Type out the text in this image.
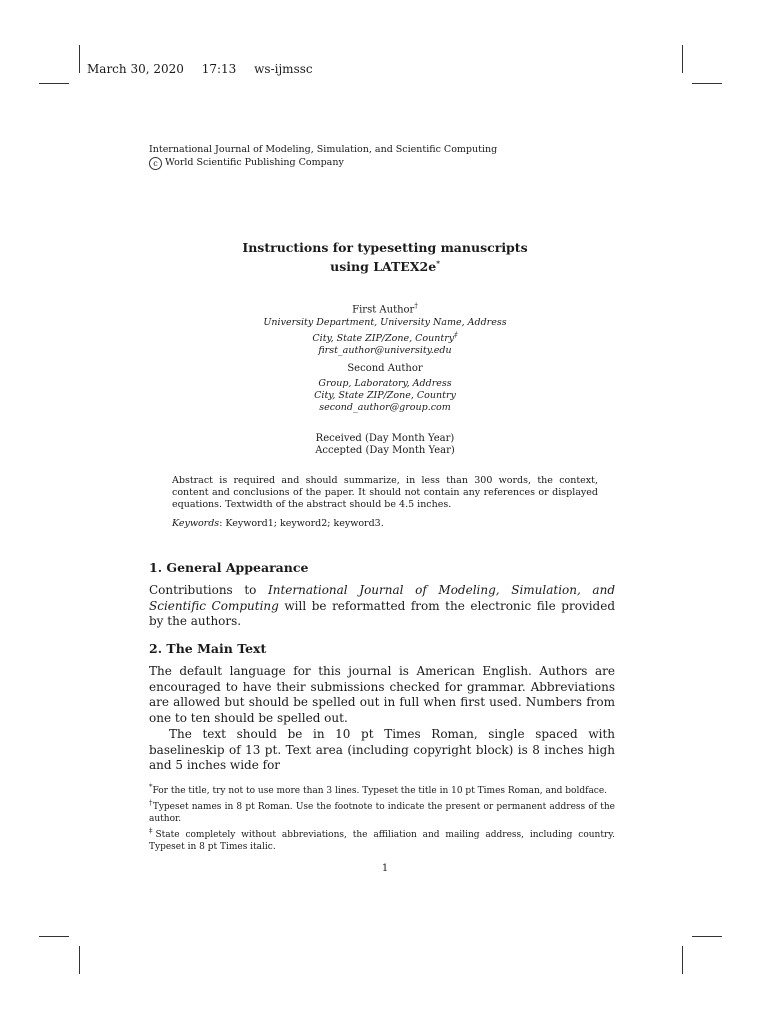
March 30, 2020 17:13 ws-ijmssc
International Journal of Modeling, Simulation, and Scientific Computing
c World Scientific Publishing Company
Instructions for typesetting manuscripts
using LATEX2e*
First Author†
University Department, University Name, Address
City, State ZIP/Zone, Country‡
first_author@university.edu
Second Author
Group, Laboratory, Address
City, State ZIP/Zone, Country
second_author@group.com
Received (Day Month Year)
Accepted (Day Month Year)
Abstract is required and should summarize, in less than 300 words, the context, content and conclusions of the paper. It should not contain any references or displayed equations. Textwidth of the abstract should be 4.5 inches.
Keywords: Keyword1; keyword2; keyword3.
1. General Appearance
Contributions to International Journal of Modeling, Simulation, and Scientific Computing will be reformatted from the electronic file provided by the authors.
2. The Main Text
The default language for this journal is American English. Authors are encouraged to have their submissions checked for grammar. Abbreviations are allowed but should be spelled out in full when first used. Numbers from one to ten should be spelled out.
The text should be in 10 pt Times Roman, single spaced with baselineskip of 13 pt. Text area (including copyright block) is 8 inches high and 5 inches wide for
*For the title, try not to use more than 3 lines. Typeset the title in 10 pt Times Roman, and boldface.
†Typeset names in 8 pt Roman. Use the footnote to indicate the present or permanent address of the author.
‡State completely without abbreviations, the affiliation and mailing address, including country. Typeset in 8 pt Times italic.
1
